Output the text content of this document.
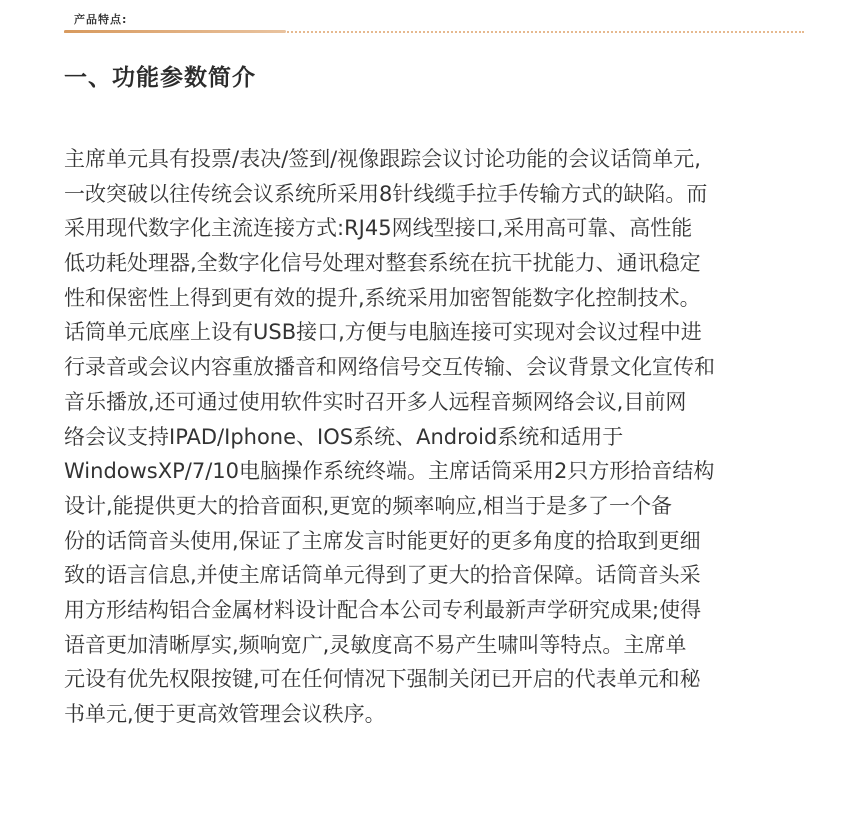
产品特点:
一、功能参数简介
主席单元具有投票/表决/签到/视像跟踪会议讨论功能的会议话筒单元,
一改突破以往传统会议系统所采用8针线缆手拉手传输方式的缺陷。而
采用现代数字化主流连接方式:RJ45网线型接口,采用高可靠、高性能
低功耗处理器,全数字化信号处理对整套系统在抗干扰能力、通讯稳定
性和保密性上得到更有效的提升,系统采用加密智能数字化控制技术。
话筒单元底座上设有USB接口,方便与电脑连接可实现对会议过程中进
行录音或会议内容重放播音和网络信号交互传输、会议背景文化宣传和
音乐播放,还可通过使用软件实时召开多人远程音频网络会议,目前网
络会议支持IPAD/Iphone、IOS系统、Android系统和适用于
WindowsXP/7/10电脑操作系统终端。主席话筒采用2只方形拾音结构
设计,能提供更大的拾音面积,更宽的频率响应,相当于是多了一个备
份的话筒音头使用,保证了主席发言时能更好的更多角度的拾取到更细
致的语言信息,并使主席话筒单元得到了更大的拾音保障。话筒音头采
用方形结构铝合金属材料设计配合本公司专利最新声学研究成果;使得
语音更加清晰厚实,频响宽广,灵敏度高不易产生啸叫等特点。主席单
元设有优先权限按键,可在任何情况下强制关闭已开启的代表单元和秘
书单元,便于更高效管理会议秩序。
